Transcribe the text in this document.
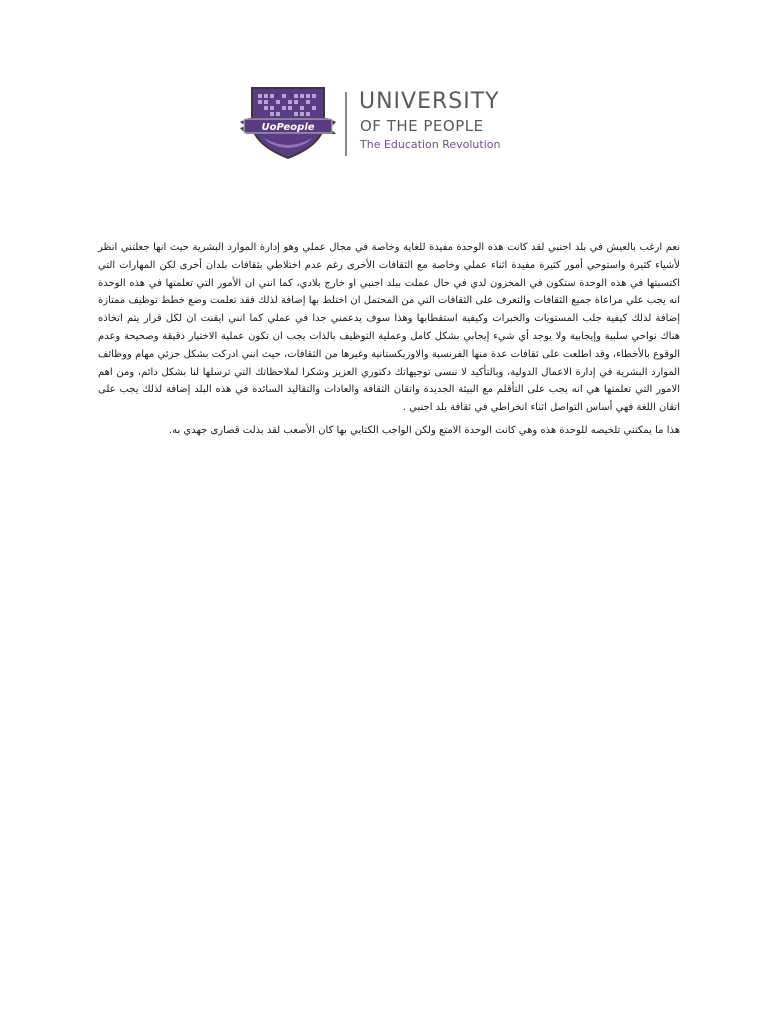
UoPeople
UNIVERSITY
OF THE PEOPLE
The Education Revolution

نعم ارغب بالعيش في بلد اجنبي لقد كانت هذه الوحدة مفيدة للغاية وخاصة في مجال عملي وهو إدارة الموارد البشرية حيث انها جعلتني انظر لأشياء كثيرة واستوحي أمور كثيرة مفيدة اثناء عملي وخاصة مع الثقافات الأخرى رغم عدم اختلاطي بثقافات بلدان أخرى لكن المهارات التي اكتسبتها في هذه الوحدة ستكون في المخزون لدي في حال عملت ببلد اجنبي او خارج بلادي، كما انني ان الأمور التي تعلمتها في هذه الوحدة انه يجب علي مراعاة جميع الثقافات والتعرف على الثقافات التي من المحتمل ان اختلط بها إضافة لذلك فقد تعلمت وضع خطط توظيف ممتازة إضافة لذلك كيفية جلب المستويات والخبرات وكيفية استقطابها وهذا سوف يدعمني جدا في عملي كما انني ايقنت ان لكل قرار يتم اتخاذه هناك نواحي سلبية وإيجابية ولا يوجد أي شيء إيجابي بشكل كامل وعملية التوظيف بالذات يجب ان تكون عملية الاختيار دقيقة وصحيحة وعدم الوقوع بالأخطاء، وقد اطلعت على ثقافات عدة منها الفرنسية والاوزبكستانية وغيرها من الثقافات، حيث انني ادركت بشكل جزئي مهام ووظائف الموارد البشرية في إدارة الاعمال الدولية، وبالتأكيد لا ننسى توجيهاتك دكتوري العزيز وشكرا لملاحظاتك التي ترسلها لنا بشكل دائم، ومن اهم الامور التي تعلمتها هي انه يجب على التأقلم مع البيئة الجديدة واتقان الثقافة والعادات والتقاليد السائدة في هذه البلد إضافة لذلك يجب على اتقان اللغة فهي أساس التواصل اثناء انخراطي في ثقافة بلد اجنبي .

هذا ما يمكنني تلخيصه للوحدة هذه وهي كانت الوحدة الامتع ولكن الواجب الكتابي بها كان الأصعب لقد بذلت قصارى جهدي به.
